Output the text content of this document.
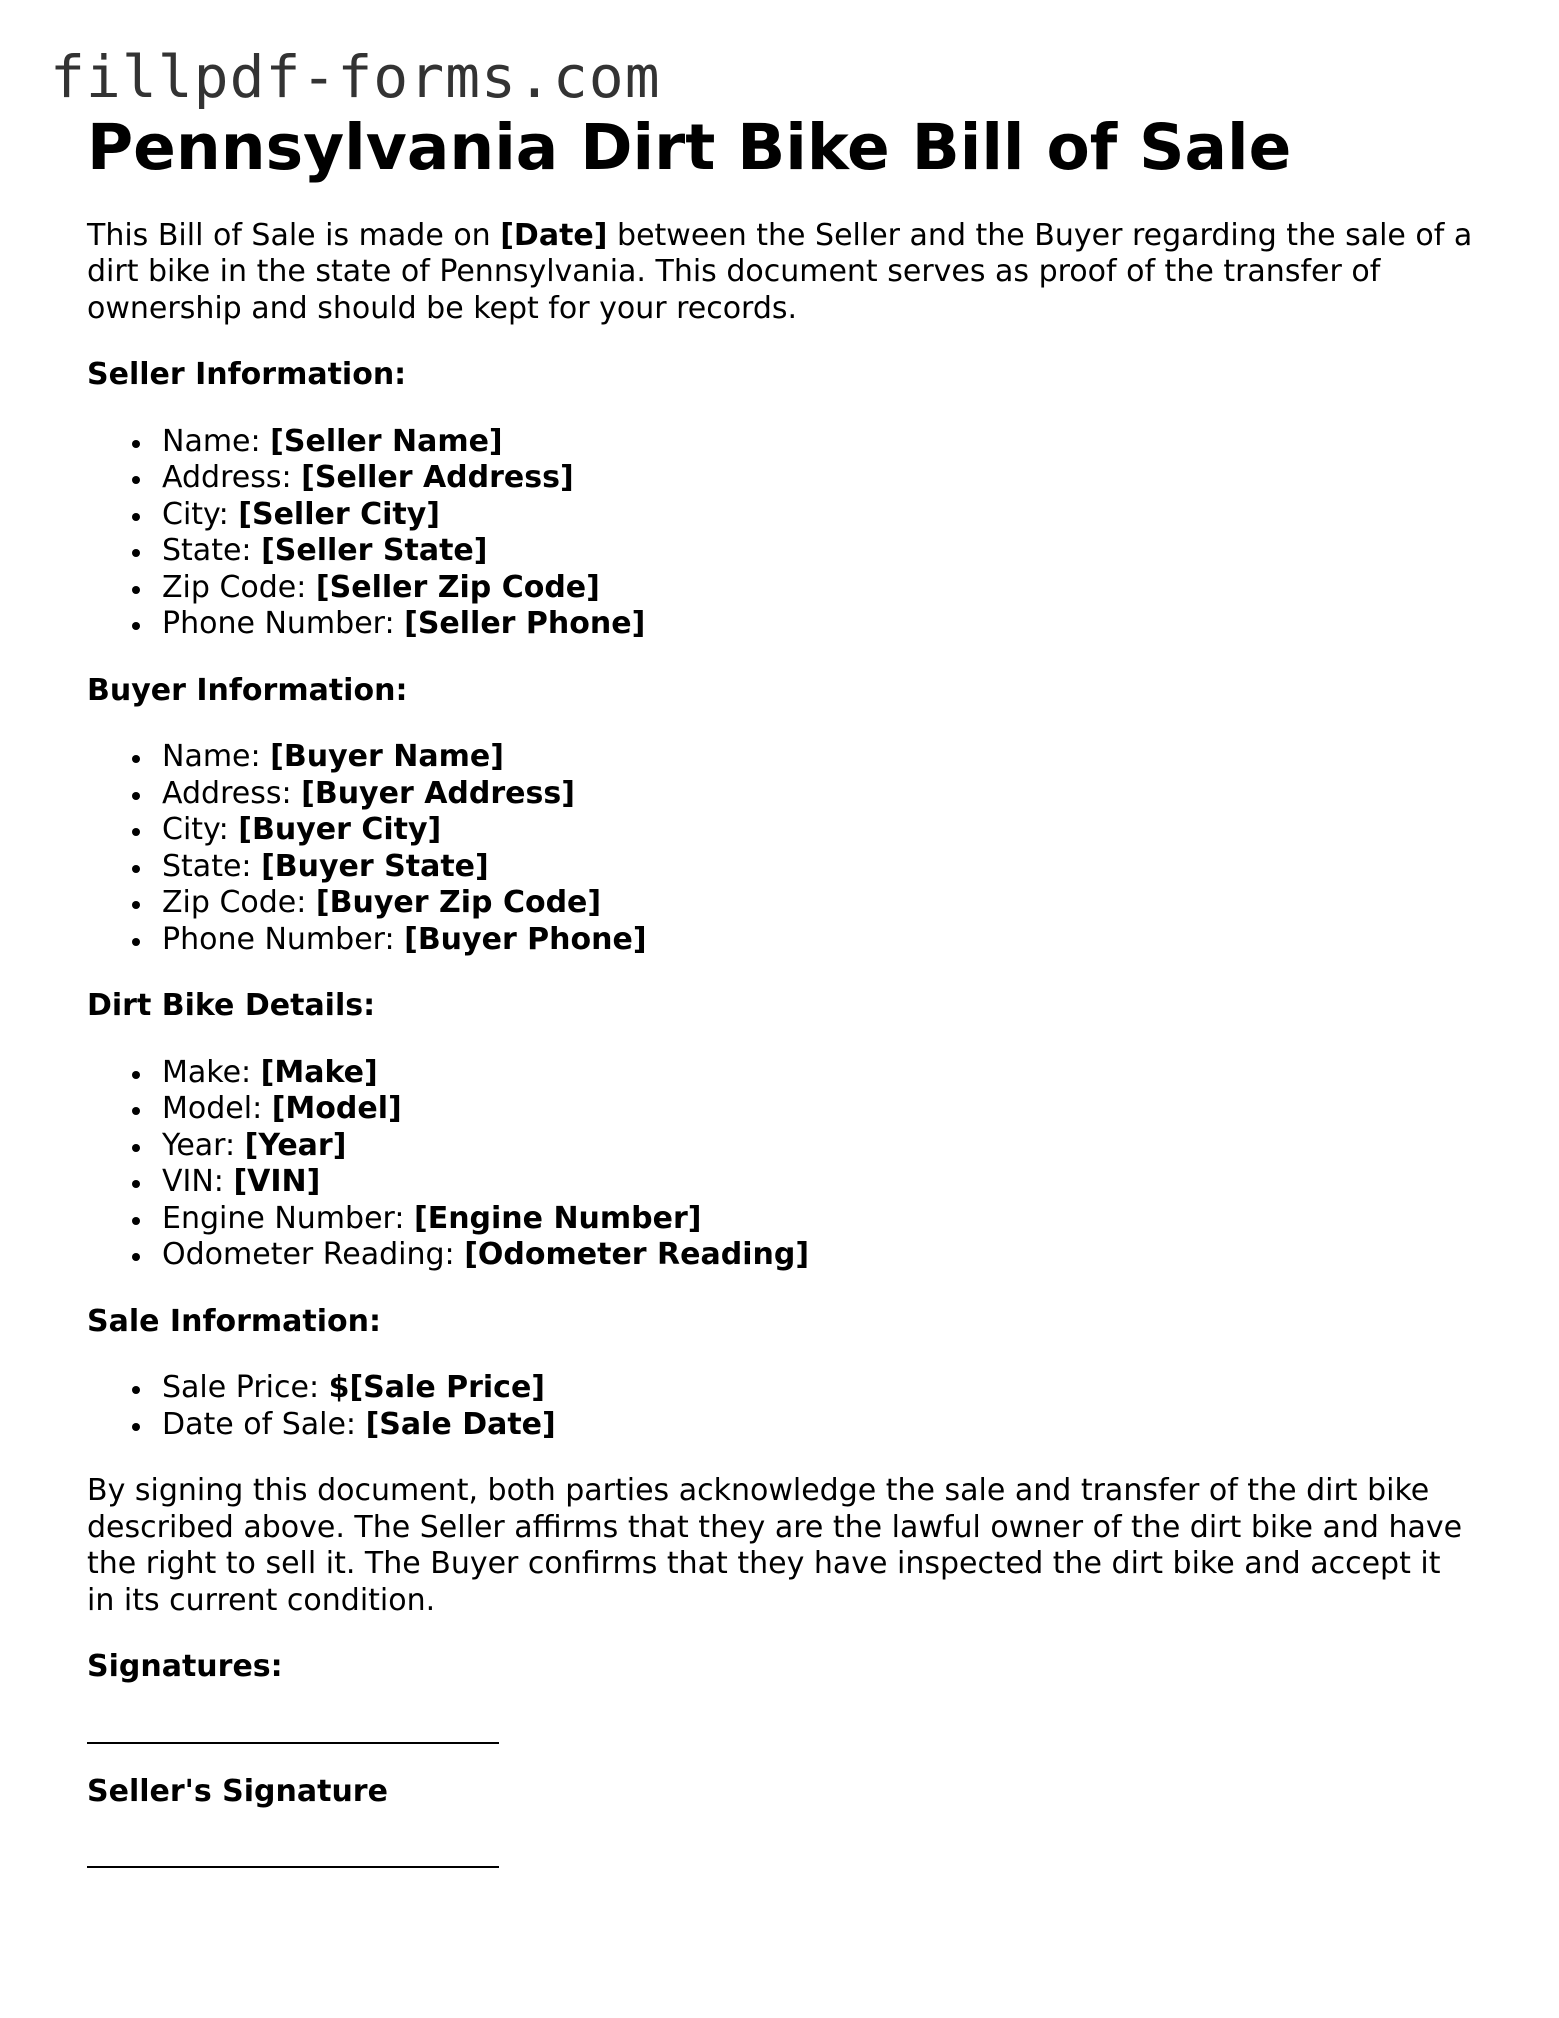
fillpdf-forms.com
Pennsylvania Dirt Bike Bill of Sale

This Bill of Sale is made on [Date] between the Seller and the Buyer regarding the sale of a dirt bike in the state of Pennsylvania. This document serves as proof of the transfer of ownership and should be kept for your records.

Seller Information:
Name: [Seller Name]
Address: [Seller Address]
City: [Seller City]
State: [Seller State]
Zip Code: [Seller Zip Code]
Phone Number: [Seller Phone]
Buyer Information:
Name: [Buyer Name]
Address: [Buyer Address]
City: [Buyer City]
State: [Buyer State]
Zip Code: [Buyer Zip Code]
Phone Number: [Buyer Phone]
Dirt Bike Details:
Make: [Make]
Model: [Model]
Year: [Year]
VIN: [VIN]
Engine Number: [Engine Number]
Odometer Reading: [Odometer Reading]
Sale Information:
Sale Price: $[Sale Price]
Date of Sale: [Sale Date]

By signing this document, both parties acknowledge the sale and transfer of the dirt bike described above. The Seller affirms that they are the lawful owner of the dirt bike and have the right to sell it. The Buyer confirms that they have inspected the dirt bike and accept it in its current condition.

Signatures:
Seller's Signature
